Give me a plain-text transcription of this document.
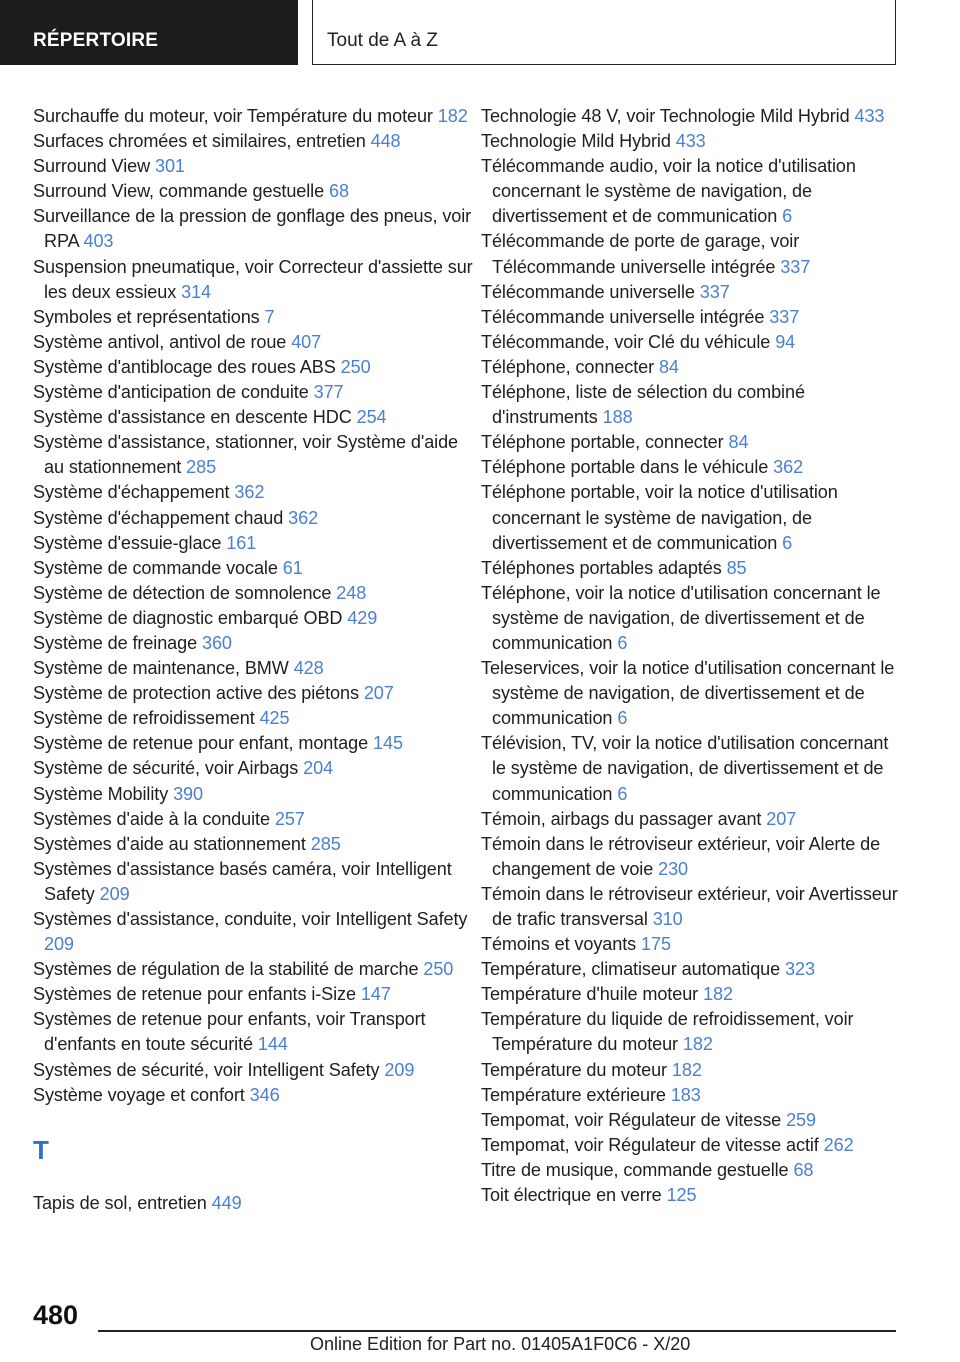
RÉPERTOIRE	Tout de A à Z
Surchauffe du moteur, voir Température du moteur 182
Surfaces chromées et similaires, entretien 448
Surround View 301
Surround View, commande gestuelle 68
Surveillance de la pression de gonflage des pneus, voir RPA 403
Suspension pneumatique, voir Correcteur d'assiette sur les deux essieux 314
Symboles et représentations 7
Système antivol, antivol de roue 407
Système d'antiblocage des roues ABS 250
Système d'anticipation de conduite 377
Système d'assistance en descente HDC 254
Système d'assistance, stationner, voir Système d'aide au stationnement 285
Système d'échappement 362
Système d'échappement chaud 362
Système d'essuie-glace 161
Système de commande vocale 61
Système de détection de somnolence 248
Système de diagnostic embarqué OBD 429
Système de freinage 360
Système de maintenance, BMW 428
Système de protection active des piétons 207
Système de refroidissement 425
Système de retenue pour enfant, montage 145
Système de sécurité, voir Airbags 204
Système Mobility 390
Systèmes d'aide à la conduite 257
Systèmes d'aide au stationnement 285
Systèmes d'assistance basés caméra, voir Intelligent Safety 209
Systèmes d'assistance, conduite, voir Intelligent Safety 209
Systèmes de régulation de la stabilité de marche 250
Systèmes de retenue pour enfants i-Size 147
Systèmes de retenue pour enfants, voir Transport d'enfants en toute sécurité 144
Systèmes de sécurité, voir Intelligent Safety 209
Système voyage et confort 346
T
Tapis de sol, entretien 449
Technologie 48 V, voir Technologie Mild Hybrid 433
Technologie Mild Hybrid 433
Télécommande audio, voir la notice d'utilisation concernant le système de navigation, de divertissement et de communication 6
Télécommande de porte de garage, voir Télécommande universelle intégrée 337
Télécommande universelle 337
Télécommande universelle intégrée 337
Télécommande, voir Clé du véhicule 94
Téléphone, connecter 84
Téléphone, liste de sélection du combiné d'instruments 188
Téléphone portable, connecter 84
Téléphone portable dans le véhicule 362
Téléphone portable, voir la notice d'utilisation concernant le système de navigation, de divertissement et de communication 6
Téléphones portables adaptés 85
Téléphone, voir la notice d'utilisation concernant le système de navigation, de divertissement et de communication 6
Teleservices, voir la notice d'utilisation concernant le système de navigation, de divertissement et de communication 6
Télévision, TV, voir la notice d'utilisation concernant le système de navigation, de divertissement et de communication 6
Témoin, airbags du passager avant 207
Témoin dans le rétroviseur extérieur, voir Alerte de changement de voie 230
Témoin dans le rétroviseur extérieur, voir Avertisseur de trafic transversal 310
Témoins et voyants 175
Température, climatiseur automatique 323
Température d'huile moteur 182
Température du liquide de refroidissement, voir Température du moteur 182
Température du moteur 182
Température extérieure 183
Tempomat, voir Régulateur de vitesse 259
Tempomat, voir Régulateur de vitesse actif 262
Titre de musique, commande gestuelle 68
Toit électrique en verre 125
480
Online Edition for Part no. 01405A1F0C6 - X/20
